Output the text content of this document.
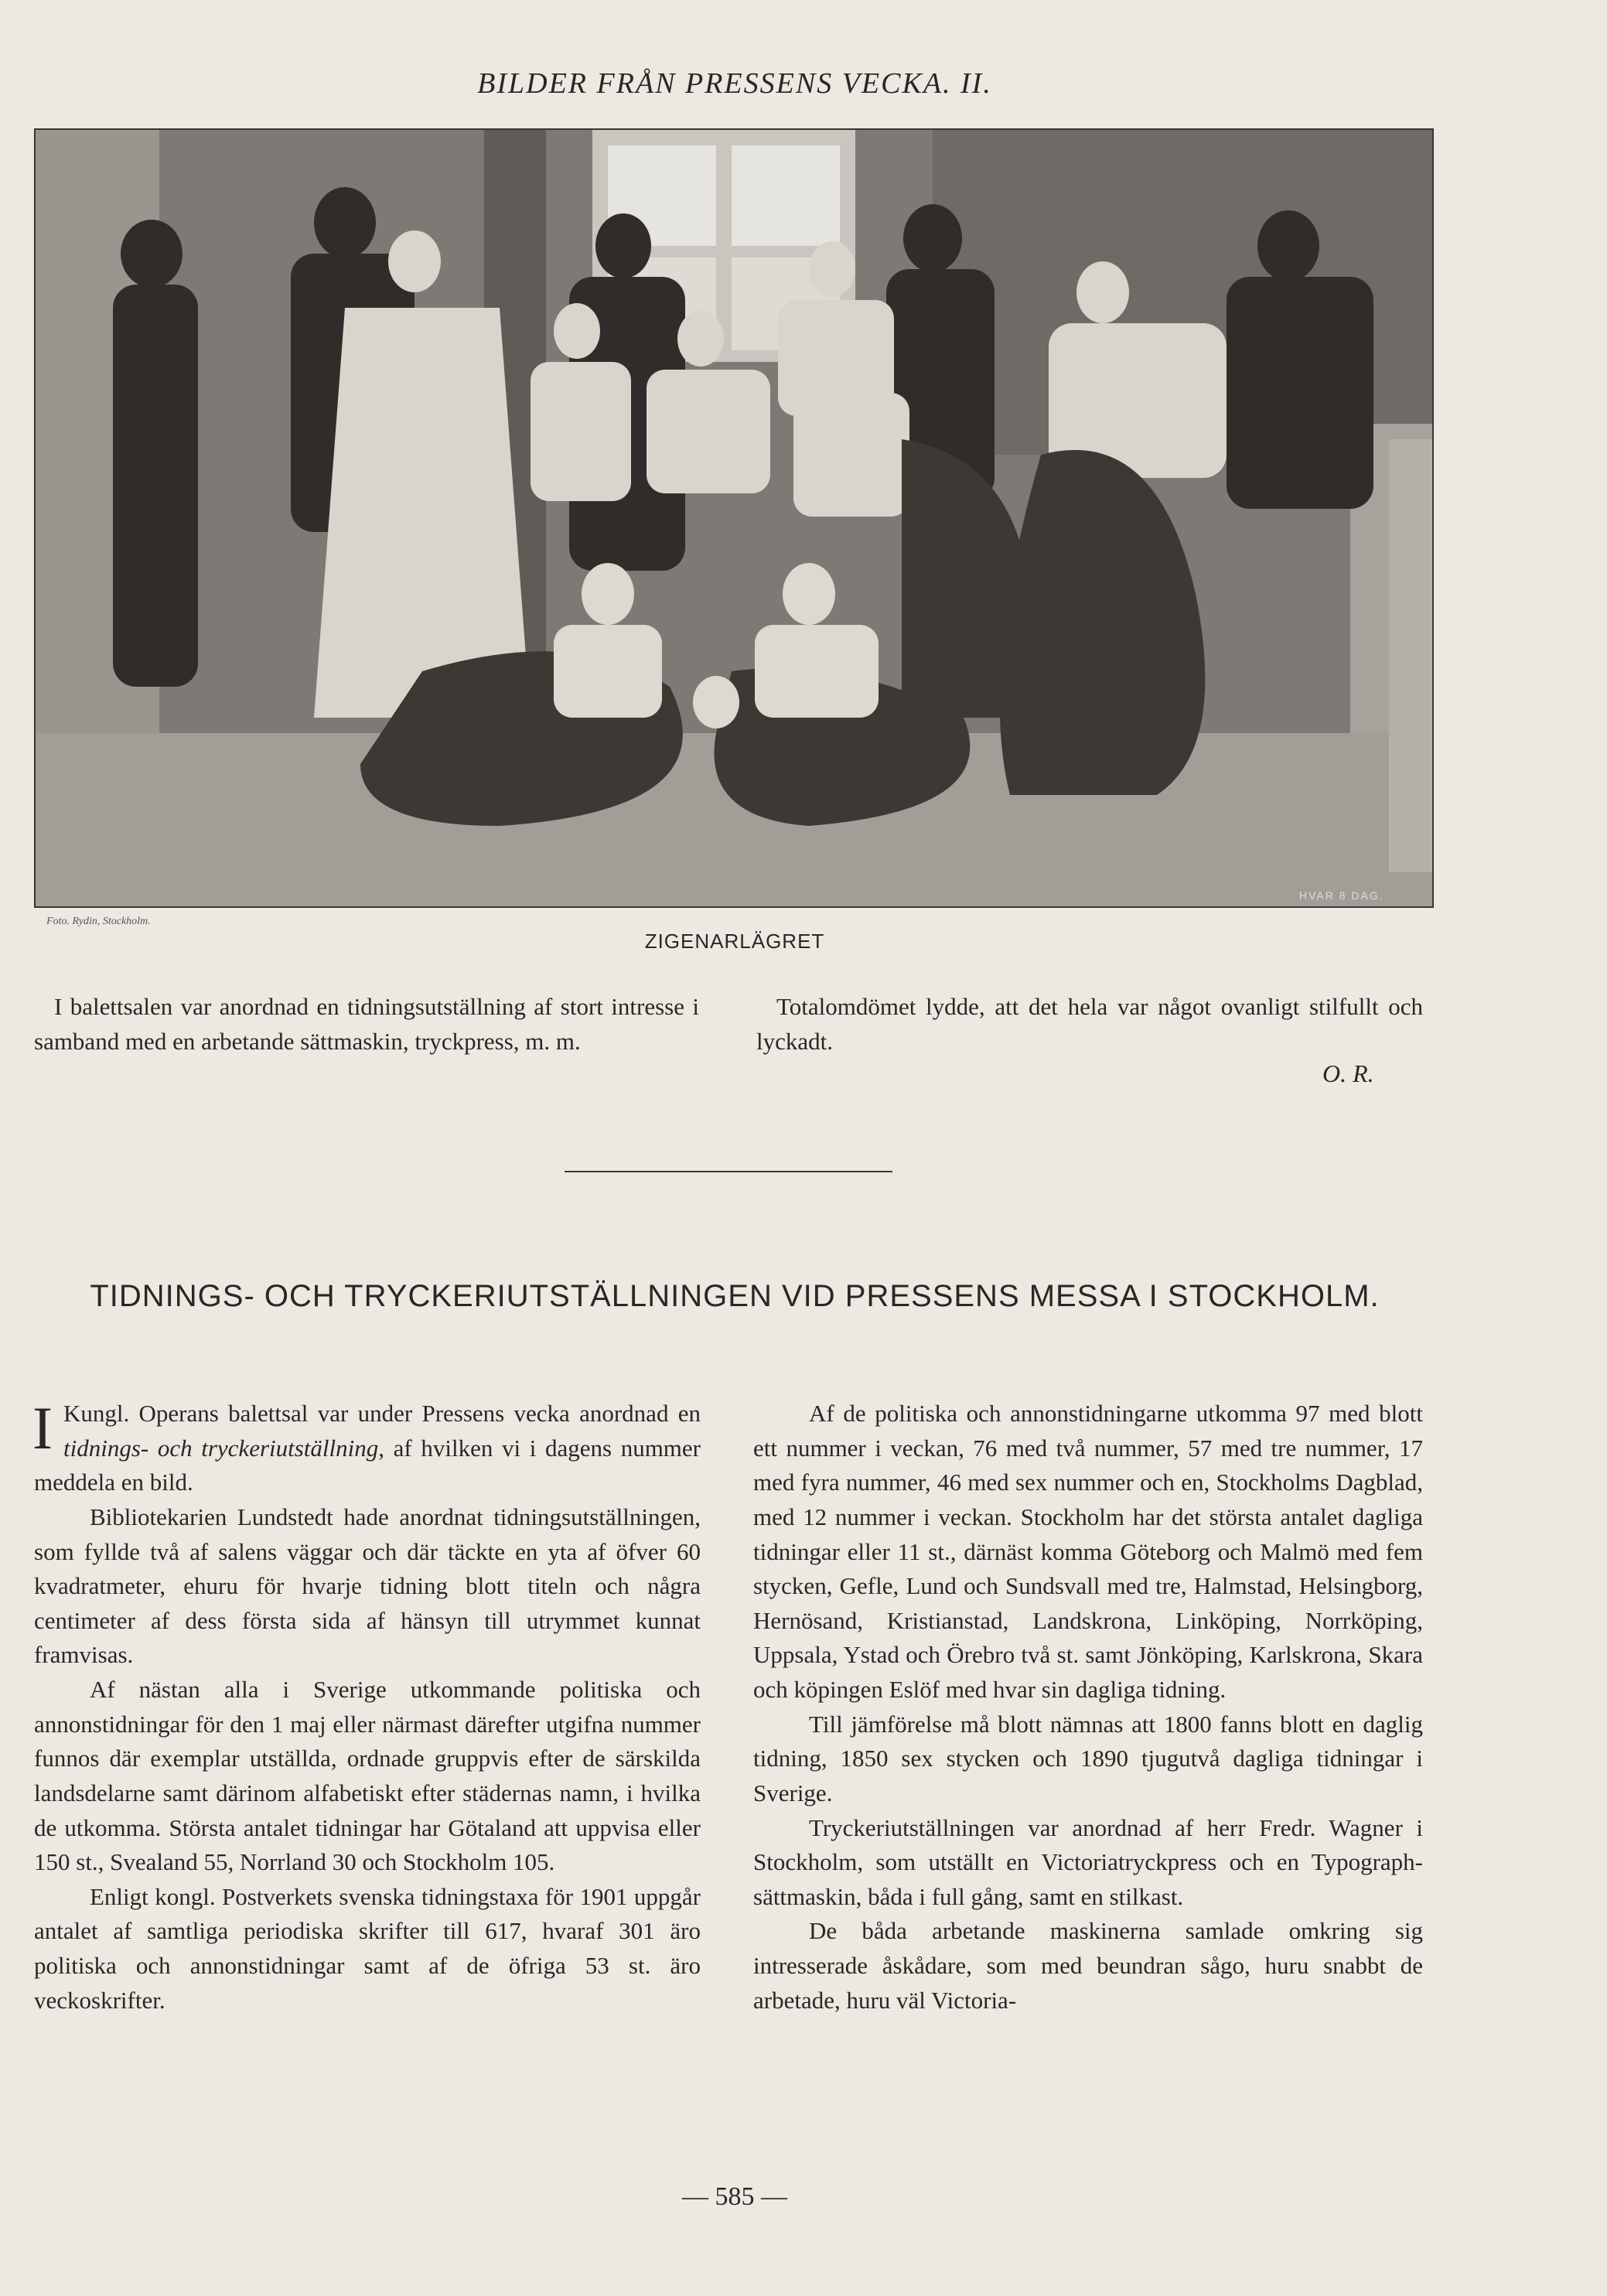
BILDER FRÅN PRESSENS VECKA. II.
Foto. Rydin, Stockholm.
HVAR 8 DAG.
ZIGENARLÄGRET

I balettsalen var anordnad en tidningsutställning af stort intresse i samband med en arbetande sättmaskin, tryckpress, m. m.

Totalomdömet lydde, att det hela var något ovanligt stilfullt och lyckadt.

O. R.
TIDNINGS- OCH TRYCKERIUTSTÄLLNINGEN VID PRESSENS MESSA I STOCKHOLM.

I Kungl. Operans balettsal var under Pressens vecka anordnad en tidnings- och tryckeriutställning, af hvilken vi i dagens nummer meddela en bild.

Bibliotekarien Lundstedt hade anordnat tidningsutställningen, som fyllde två af salens väggar och där täckte en yta af öfver 60 kvadratmeter, ehuru för hvarje tidning blott titeln och några centimeter af dess första sida af hänsyn till utrymmet kunnat framvisas.

Af nästan alla i Sverige utkommande politiska och annonstidningar för den 1 maj eller närmast därefter utgifna nummer funnos där exemplar utställda, ordnade gruppvis efter de särskilda landsdelarne samt därinom alfabetiskt efter städernas namn, i hvilka de utkomma. Största antalet tidningar har Götaland att uppvisa eller 150 st., Svealand 55, Norrland 30 och Stockholm 105.

Enligt kongl. Postverkets svenska tidningstaxa för 1901 uppgår antalet af samtliga periodiska skrifter till 617, hvaraf 301 äro politiska och annonstidningar samt af de öfriga 53 st. äro veckoskrifter.

Af de politiska och annonstidningarne utkomma 97 med blott ett nummer i veckan, 76 med två nummer, 57 med tre nummer, 17 med fyra nummer, 46 med sex nummer och en, Stockholms Dagblad, med 12 nummer i veckan. Stockholm har det största antalet dagliga tidningar eller 11 st., därnäst komma Göteborg och Malmö med fem stycken, Gefle, Lund och Sundsvall med tre, Halmstad, Helsingborg, Hernösand, Kristianstad, Landskrona, Linköping, Norrköping, Uppsala, Ystad och Örebro två st. samt Jönköping, Karlskrona, Skara och köpingen Eslöf med hvar sin dagliga tidning.

Till jämförelse må blott nämnas att 1800 fanns blott en daglig tidning, 1850 sex stycken och 1890 tjugutvå dagliga tidningar i Sverige.

Tryckeriutställningen var anordnad af herr Fredr. Wagner i Stockholm, som utställt en Victoriatryckpress och en Typograph-sättmaskin, båda i full gång, samt en stilkast.

De båda arbetande maskinerna samlade omkring sig intresserade åskådare, som med beundran sågo, huru snabbt de arbetade, huru väl Victoria-

— 585 —
